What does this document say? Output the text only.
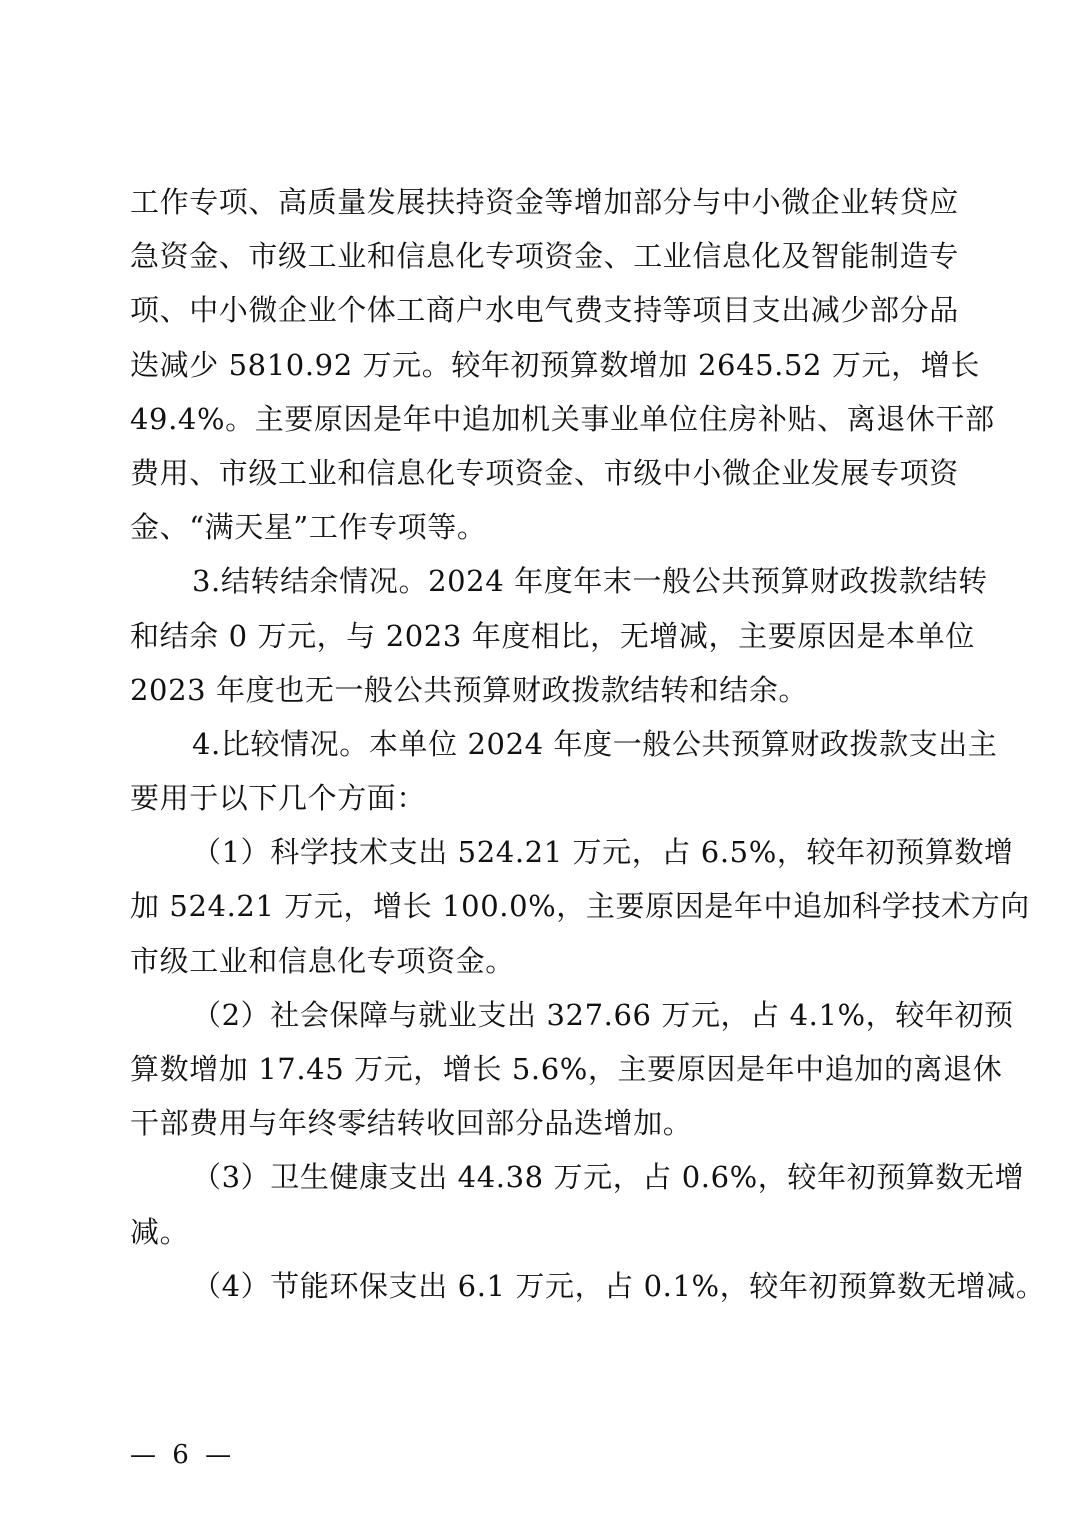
工作专项、高质量发展扶持资金等增加部分与中小微企业转贷应
急资金、市级工业和信息化专项资金、工业信息化及智能制造专
项、中小微企业个体工商户水电气费支持等项目支出减少部分品
迭减少 5810.92 万元。较年初预算数增加 2645.52 万元，增长
49.4%。主要原因是年中追加机关事业单位住房补贴、离退休干部
费用、市级工业和信息化专项资金、市级中小微企业发展专项资
金、“满天星”工作专项等。
3.结转结余情况。2024 年度年末一般公共预算财政拨款结转
和结余 0 万元，与 2023 年度相比，无增减，主要原因是本单位
2023 年度也无一般公共预算财政拨款结转和结余。
4.比较情况。本单位 2024 年度一般公共预算财政拨款支出主
要用于以下几个方面：
（1）科学技术支出 524.21 万元，占 6.5%，较年初预算数增
加 524.21 万元，增长 100.0%，主要原因是年中追加科学技术方向
市级工业和信息化专项资金。
（2）社会保障与就业支出 327.66 万元，占 4.1%，较年初预
算数增加 17.45 万元，增长 5.6%，主要原因是年中追加的离退休
干部费用与年终零结转收回部分品迭增加。
（3）卫生健康支出 44.38 万元，占 0.6%，较年初预算数无增
减。
（4）节能环保支出 6.1 万元，占 0.1%，较年初预算数无增减。
— 6 —
